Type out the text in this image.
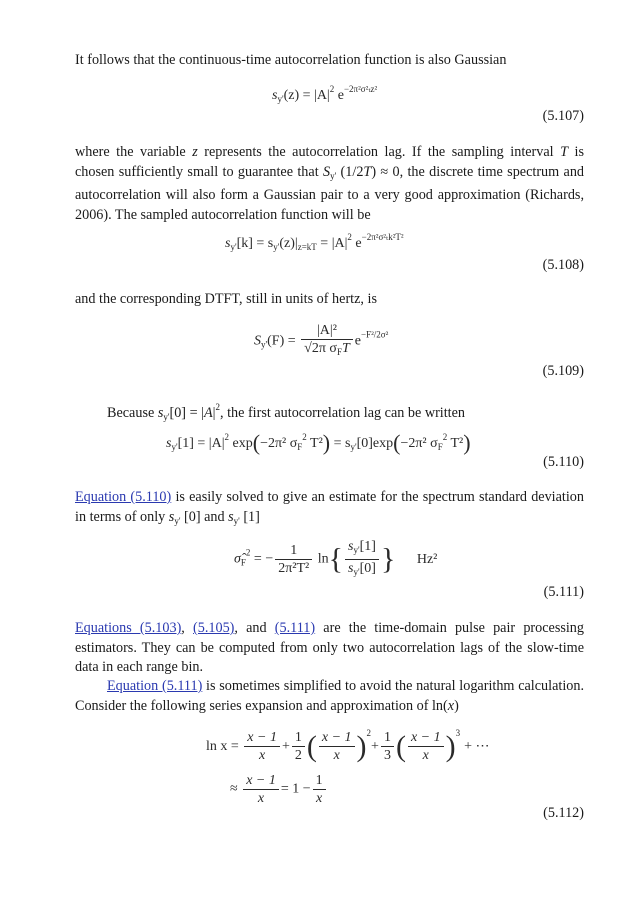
It follows that the continuous-time autocorrelation function is also Gaussian

$s_{y'}(z) = |A|^2$ $e^{-2\pi^2\sigma^2_tz^2}$
(5.107)

where the variable z represents the autocorrelation lag. If the sampling interval T is chosen sufficiently small to guarantee that $S_{y'}$ (1/2T) ≈ 0, the discrete time spectrum and autocorrelation will also form a Gaussian pair to a very good approximation (Richards, 2006). The sampled autocorrelation function will be

$s_{y'}[k] = s_{y'}(z)|_{z=kT} = |A|^2$ $e^{-2\pi^2\sigma^2_tk^2T^2}$
(5.108)

and the corresponding DTFT, still in units of hertz, is

$S_{y'}(F) = \frac{\text{|A|²}}{√2\pi \sigma_FT} e^{-F^2/2\sigma^2}$
(5.109)

Because $s_{y'}[0] = |A|^2$, the first autocorrelation lag can be written

$s_{y'}[1] = |A|^2$ exp(−2π² $\sigma_F^2$ $T^2) = s_{y'}[0]\exp(-2\pi^2$ $\sigma_F^2$ T²)
(5.110)

Equation (5.110) is easily solved to give an estimate for the spectrum standard deviation in terms of only $s_{y'}$ [0] and $s_{y'}$ [1]

$\sigmâ_F^2$ = − $\frac{1}{\text{2π²T²}} \ln\{ \frac{s_{y'}[1]}{s_{y'}[0]}$ } Hz²
(5.111)

Equations (5.103), (5.105), and (5.111) are the time-domain pulse pair processing estimators. They can be computed from only two autocorrelation lags of the slow-time data in each range bin.

Equation (5.111) is sometimes simplified to avoid the natural logarithm calculation. Consider the following series expansion and approximation of ln(x)

$\ln x = \frac{x - 1}{x} + \frac{1}{2}$ ( $\frac{x - 1}{x} )^2+ \frac{1}{3}$ ( $\frac{x - 1}{x} )^3+$ ⋯
≈ $\frac{x - 1}{x} = 1 - \frac{1}{x}$
(5.112)
